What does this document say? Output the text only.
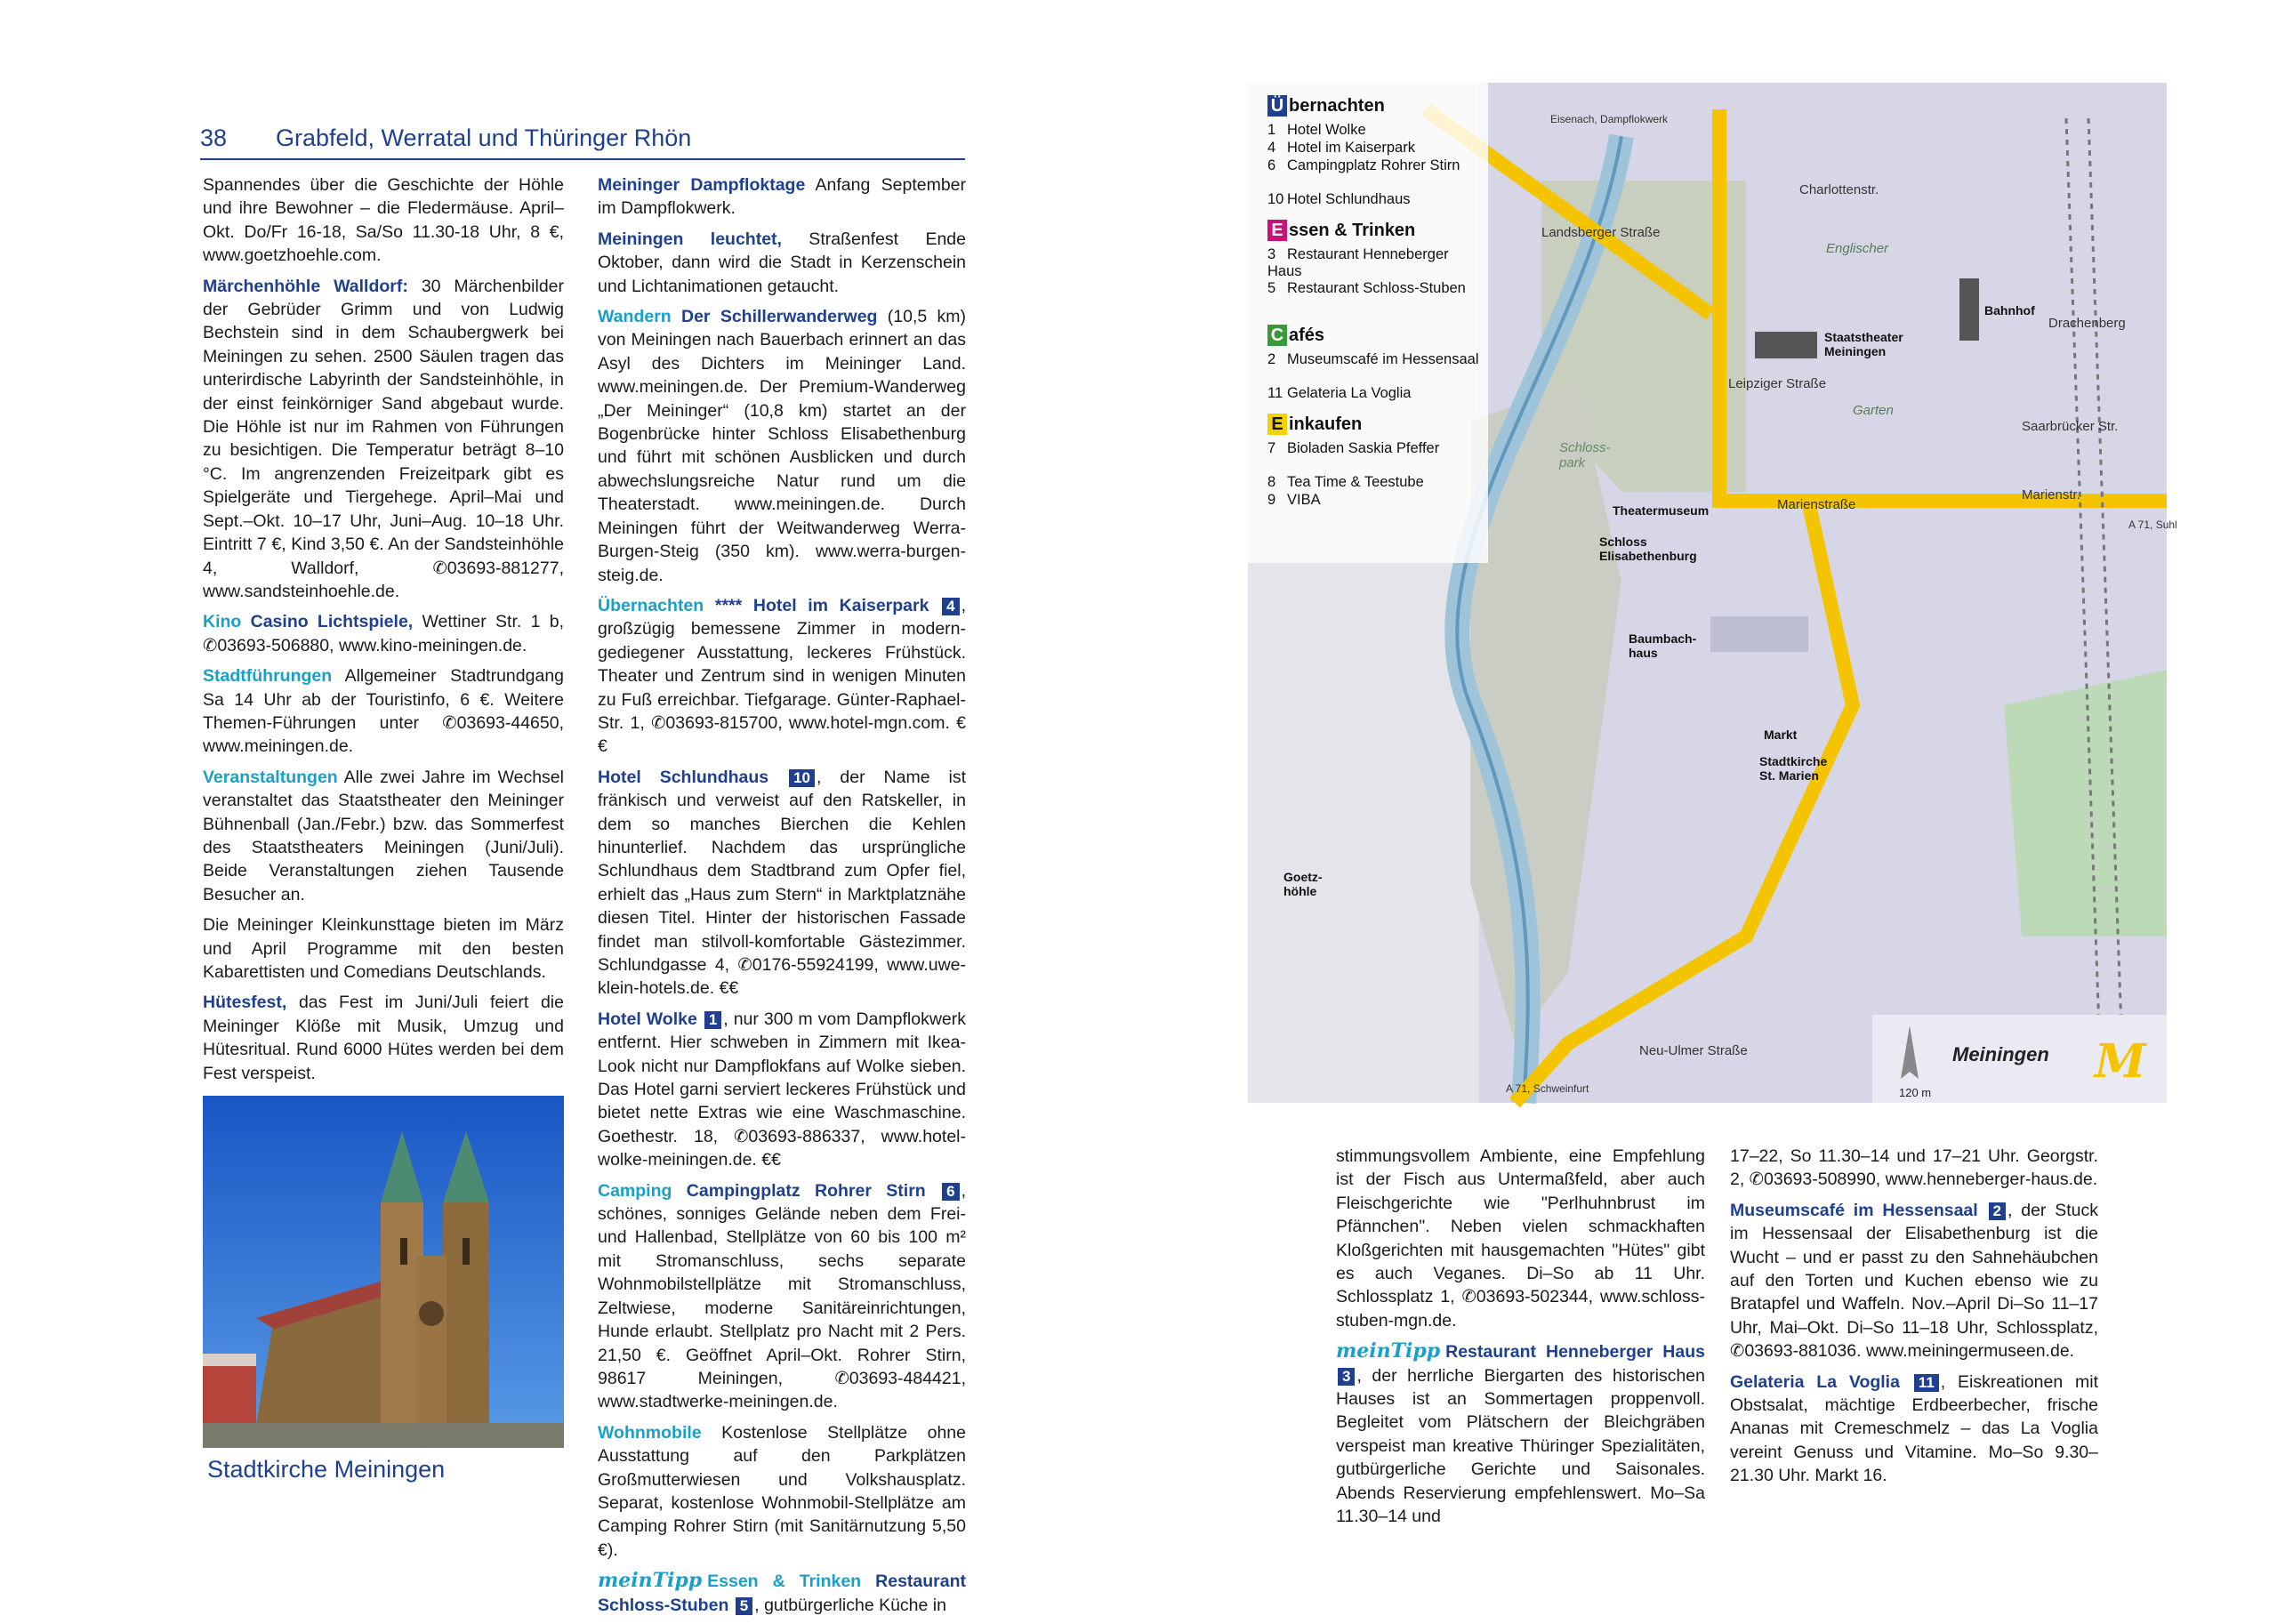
38 Grabfeld, Werratal und Thüringer Rhön

Spannendes über die Geschichte der Höhle und ihre Bewohner – die Fledermäuse. April–Okt. Do/Fr 16-18, Sa/So 11.30-18 Uhr, 8 €, www.goetzhoehle.com.

Märchenhöhle Walldorf: 30 Märchenbilder der Gebrüder Grimm und von Ludwig Bechstein sind in dem Schaubergwerk bei Meiningen zu sehen. 2500 Säulen tragen das unterirdische Labyrinth der Sandsteinhöhle, in der einst feinkörniger Sand abgebaut wurde. Die Höhle ist nur im Rahmen von Führungen zu besichtigen. Die Temperatur beträgt 8–10 °C. Im angrenzenden Freizeitpark gibt es Spielgeräte und Tiergehege. April–Mai und Sept.–Okt. 10–17 Uhr, Juni–Aug. 10–18 Uhr. Eintritt 7 €, Kind 3,50 €. An der Sandsteinhöhle 4, Walldorf, ✆03693-881277, www.sandsteinhoehle.de.

Kino Casino Lichtspiele, Wettiner Str. 1 b, ✆03693-506880, www.kino-meiningen.de.

Stadtführungen Allgemeiner Stadtrundgang Sa 14 Uhr ab der Touristinfo, 6 €. Weitere Themen-Führungen unter ✆03693-44650, www.meiningen.de.

Veranstaltungen Alle zwei Jahre im Wechsel veranstaltet das Staatstheater den Meininger Bühnenball (Jan./Febr.) bzw. das Sommerfest des Staatstheaters Meiningen (Juni/Juli). Beide Veranstaltungen ziehen Tausende Besucher an.

Die Meininger Kleinkunsttage bieten im März und April Programme mit den besten Kabarettisten und Comedians Deutschlands.

Hütesfest, das Fest im Juni/Juli feiert die Meininger Klöße mit Musik, Umzug und Hütesritual. Rund 6000 Hütes werden bei dem Fest verspeist.

Meininger Dampfloktage Anfang September im Dampflokwerk.

Meiningen leuchtet, Straßenfest Ende Oktober, dann wird die Stadt in Kerzenschein und Lichtanimationen getaucht.

Wandern Der Schillerwanderweg (10,5 km) von Meiningen nach Bauerbach erinnert an das Asyl des Dichters im Meininger Land. www.meiningen.de. Der Premium-Wanderweg „Der Meininger“ (10,8 km) startet an der Bogenbrücke hinter Schloss Elisabethenburg und führt mit schönen Ausblicken und durch abwechslungsreiche Natur rund um die Theaterstadt. www.meiningen.de. Durch Meiningen führt der Weitwanderweg Werra-Burgen-Steig (350 km). www.werra-burgen-steig.de.

Übernachten **** Hotel im Kaiserpark 4 , großzügig bemessene Zimmer in modern-gediegener Ausstattung, leckeres Frühstück. Theater und Zentrum sind in wenigen Minuten zu Fuß erreichbar. Tiefgarage. Günter-Raphael-Str. 1, ✆03693-815700, www.hotel-mgn.com. €€

Hotel Schlundhaus 10 , der Name ist fränkisch und verweist auf den Ratskeller, in dem so manches Bierchen die Kehlen hinunterlief. Nachdem das ursprüngliche Schlundhaus dem Stadtbrand zum Opfer fiel, erhielt das „Haus zum Stern“ in Marktplatznähe diesen Titel. Hinter der historischen Fassade findet man stilvoll-komfortable Gästezimmer. Schlundgasse 4, ✆0176-55924199, www.uwe-klein-hotels.de. €€

Hotel Wolke 1 , nur 300 m vom Dampflokwerk entfernt. Hier schweben in Zimmern mit Ikea-Look nicht nur Dampflokfans auf Wolke sieben. Das Hotel garni serviert leckeres Frühstück und bietet nette Extras wie eine Waschmaschine. Goethestr. 18, ✆03693-886337, www.hotel-wolke-meiningen.de. €€

Camping Campingplatz Rohrer Stirn 6 , schönes, sonniges Gelände neben dem Frei- und Hallenbad, Stellplätze von 60 bis 100 m² mit Stromanschluss, sechs separate Wohnmobilstellplätze mit Stromanschluss, Zeltwiese, moderne Sanitäreinrichtungen, Hunde erlaubt. Stellplatz pro Nacht mit 2 Pers. 21,50 €. Geöffnet April–Okt. Rohrer Stirn, 98617 Meiningen, ✆03693-484421, www.stadtwerke-meiningen.de.

Wohnmobile Kostenlose Stellplätze ohne Ausstattung auf den Parkplätzen Großmutterwiesen und Volkshausplatz. Separat, kostenlose Wohnmobil-Stellplätze am Camping Rohrer Stirn (mit Sanitärnutzung 5,50 €).

meinTipp Essen & Trinken Restaurant Schloss-Stuben 5 , gutbürgerliche Küche in

stimmungsvollem Ambiente, eine Empfehlung ist der Fisch aus Untermaßfeld, aber auch Fleischgerichte wie "Perlhuhnbrust im Pfännchen". Neben vielen schmackhaften Kloßgerichten mit hausgemachten "Hütes" gibt es auch Veganes. Di–So ab 11 Uhr. Schlossplatz 1, ✆03693-502344, www.schloss-stuben-mgn.de.

meinTipp Restaurant Henneberger Haus 3 , der herrliche Biergarten des historischen Hauses ist an Sommertagen proppenvoll. Begleitet vom Plätschern der Bleichgräben verspeist man kreative Thüringer Spezialitäten, gutbürgerliche Gerichte und Saisonales. Abends Reservierung empfehlenswert. Mo–Sa 11.30–14 und

17–22, So 11.30–14 und 17–21 Uhr. Georgstr. 2, ✆03693-508990, www.henneberger-haus.de.

Museumscafé im Hessensaal 2 , der Stuck im Hessensaal der Elisabethenburg ist die Wucht – und er passt zu den Sahnehäubchen auf den Torten und Kuchen ebenso wie zu Bratapfel und Waffeln. Nov.–April Di–So 11–17 Uhr, Mai–Okt. Di–So 11–18 Uhr, Schlossplatz, ✆03693-881036. www.meiningermuseen.de.

Gelateria La Voglia 11 , Eiskreationen mit Obstsalat, mächtige Erdbeerbecher, frische Ananas mit Cremeschmelz – das La Voglia vereint Genuss und Vitamine. Mo–So 9.30–21.30 Uhr. Markt 16.

Stadtkirche Meiningen
Ü bernachten
1 Hotel Wolke
4 Hotel im Kaiserpark
6 Campingplatz Rohrer Stirn
10 Hotel Schlundhaus
E ssen & Trinken
3 Restaurant Henneberger Haus
5 Restaurant Schloss-Stuben
C afés
2 Museumscafé im Hessensaal
11 Gelateria La Voglia
E inkaufen
7 Bioladen Saskia Pfeffer
8 Tea Time & Teestube
9 VIBA
Eisenach, Dampflokwerk
Charlottenstr.
Englischer
Garten
Staatstheater Meiningen
Bahnhof
Drachenberg
Saarbrücker Str.
Marienstraße
Marienstr.
Theatermuseum
Schloss-park
Schloss Elisabethenburg
Baumbach-haus
Markt
Stadtkirche St. Marien
Goetz-höhle
A 71, Schweinfurt
A 71, Suhl
Neu-Ulmer Straße
Leipziger Straße
Landsberger Straße
Meiningen
120 m
M
